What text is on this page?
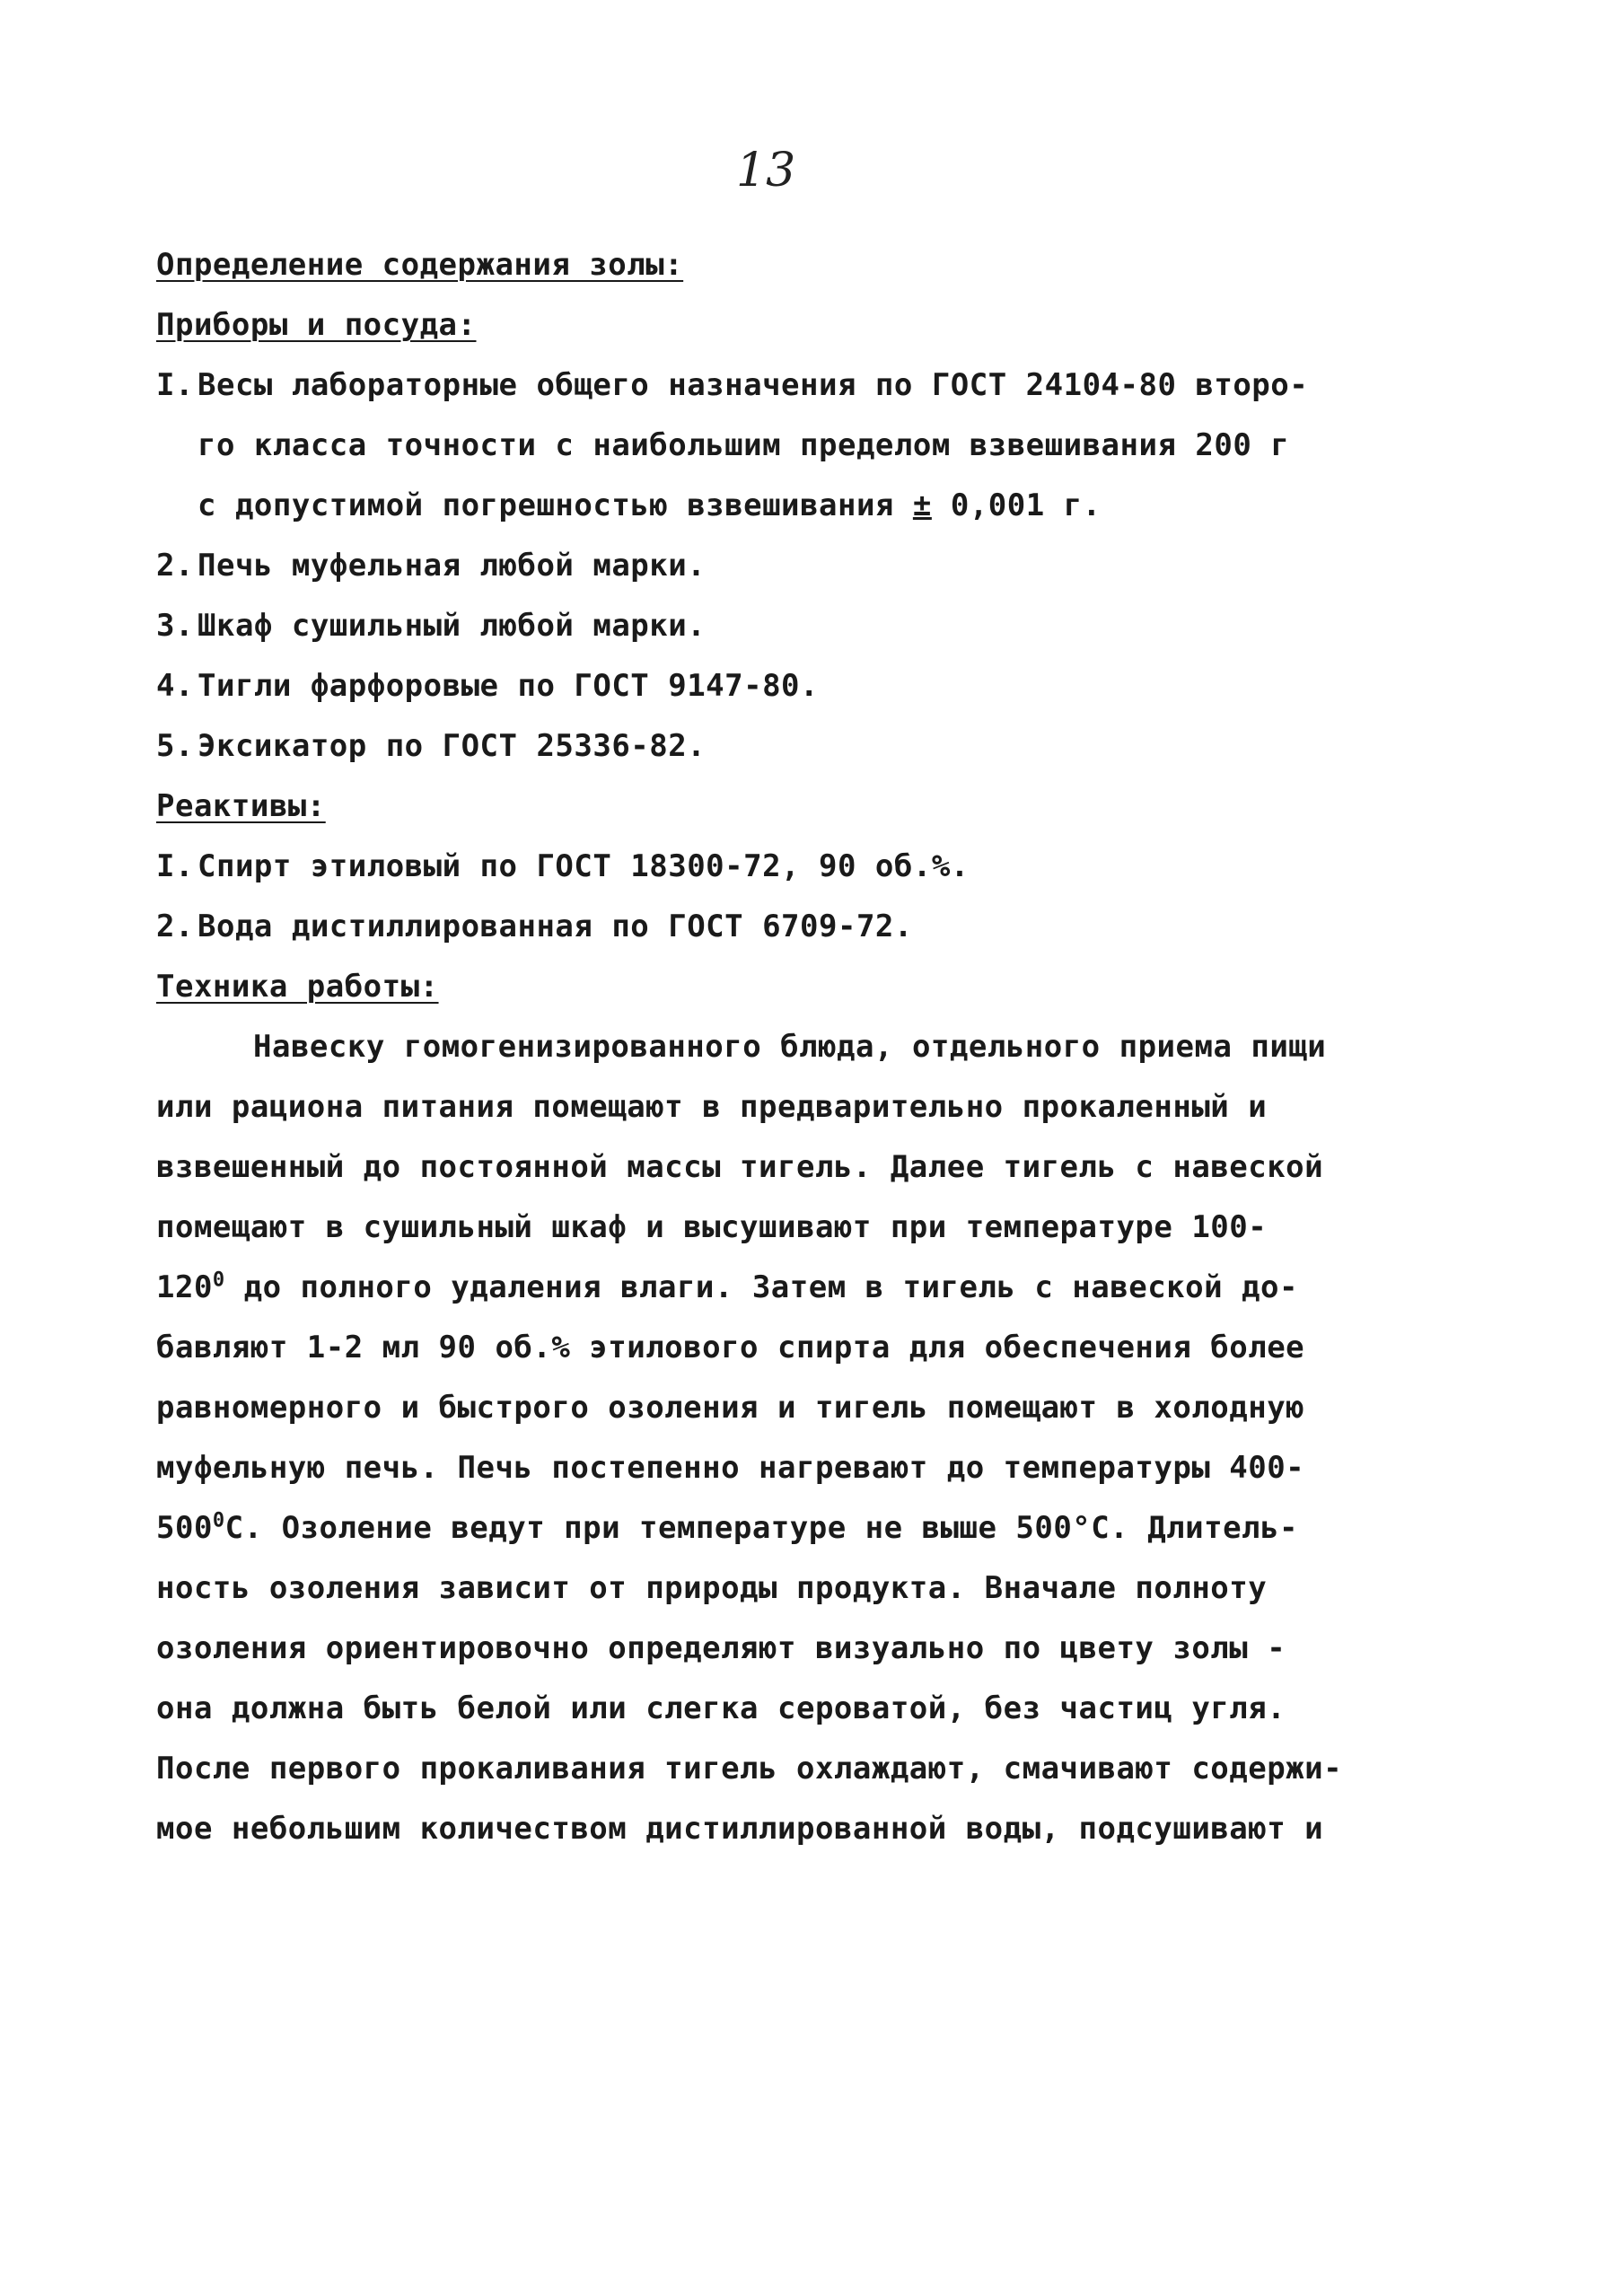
13
Определение содержания золы:
Приборы и посуда:
I. Весы лабораторные общего назначения по ГОСТ 24104-80 второ-
го класса точности с наибольшим пределом взвешивания 200 г
с допустимой погрешностью взвешивания ± 0,001 г.
2. Печь муфельная любой марки.
3. Шкаф сушильный любой марки.
4. Тигли фарфоровые по ГОСТ 9147-80.
5. Эксикатор по ГОСТ 25336-82.
Реактивы:
I. Спирт этиловый по ГОСТ 18300-72, 90 об.%.
2. Вода дистиллированная по ГОСТ 6709-72.
Техника работы:
Навеску гомогенизированного блюда, отдельного приема пищи
или рациона питания помещают в предварительно прокаленный и
взвешенный до постоянной массы тигель. Далее тигель с навеской
помещают в сушильный шкаф и высушивают при температуре 100-
$120^0$ до полного удаления влаги. Затем в тигель с навеской до-
бавляют 1-2 мл 90 об.% этилового спирта для обеспечения более
равномерного и быстрого озоления и тигель помещают в холодную
муфельную печь. Печь постепенно нагревают до температуры 400-
$500^0С$. Озоление ведут при температуре не выше 500°С. Длитель-
ность озоления зависит от природы продукта. Вначале полноту
озоления ориентировочно определяют визуально по цвету золы -
она должна быть белой или слегка сероватой, без частиц угля.
После первого прокаливания тигель охлаждают, смачивают содержи-
мое небольшим количеством дистиллированной воды, подсушивают и
